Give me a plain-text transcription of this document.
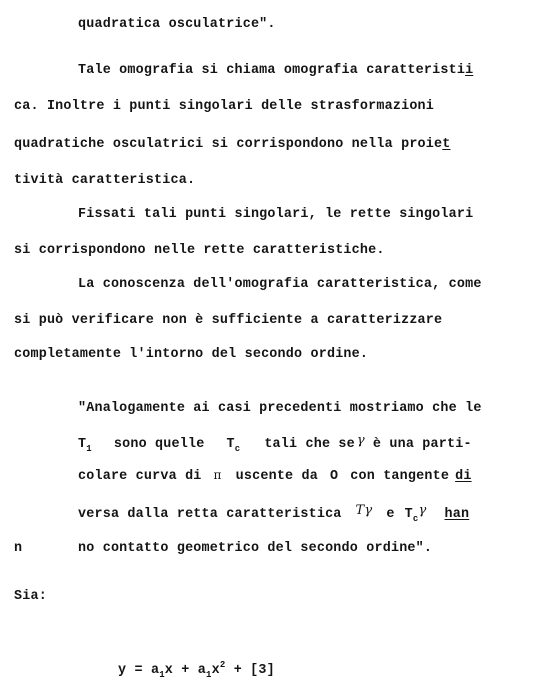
quadratica osculatrice".
Tale omografia si chiama omografia caratteristii
ca. Inoltre i punti singolari delle strasformazioni
quadratiche osculatrici si corrispondono nella proiet
tività caratteristica.
Fissati tali punti singolari, le rette singolari
si corrispondono nelle rette caratteristiche.
La conoscenza dell'omografia caratteristica, come
si può verificare non è sufficiente a caratterizzare
completamente l'intorno del secondo ordine.
"Analogamente ai casi precedenti mostriamo che le
$T_1$ sono quelle $T_c$ tali che se γ è una parti-
colare curva di π uscente da O con tangente di
versa dalla retta caratteristica Tγ e $T_c\gamma$ han
n	no contatto geometrico del secondo ordine".
Sia:
$y = a_1x + a_1x^2 + [3]$
